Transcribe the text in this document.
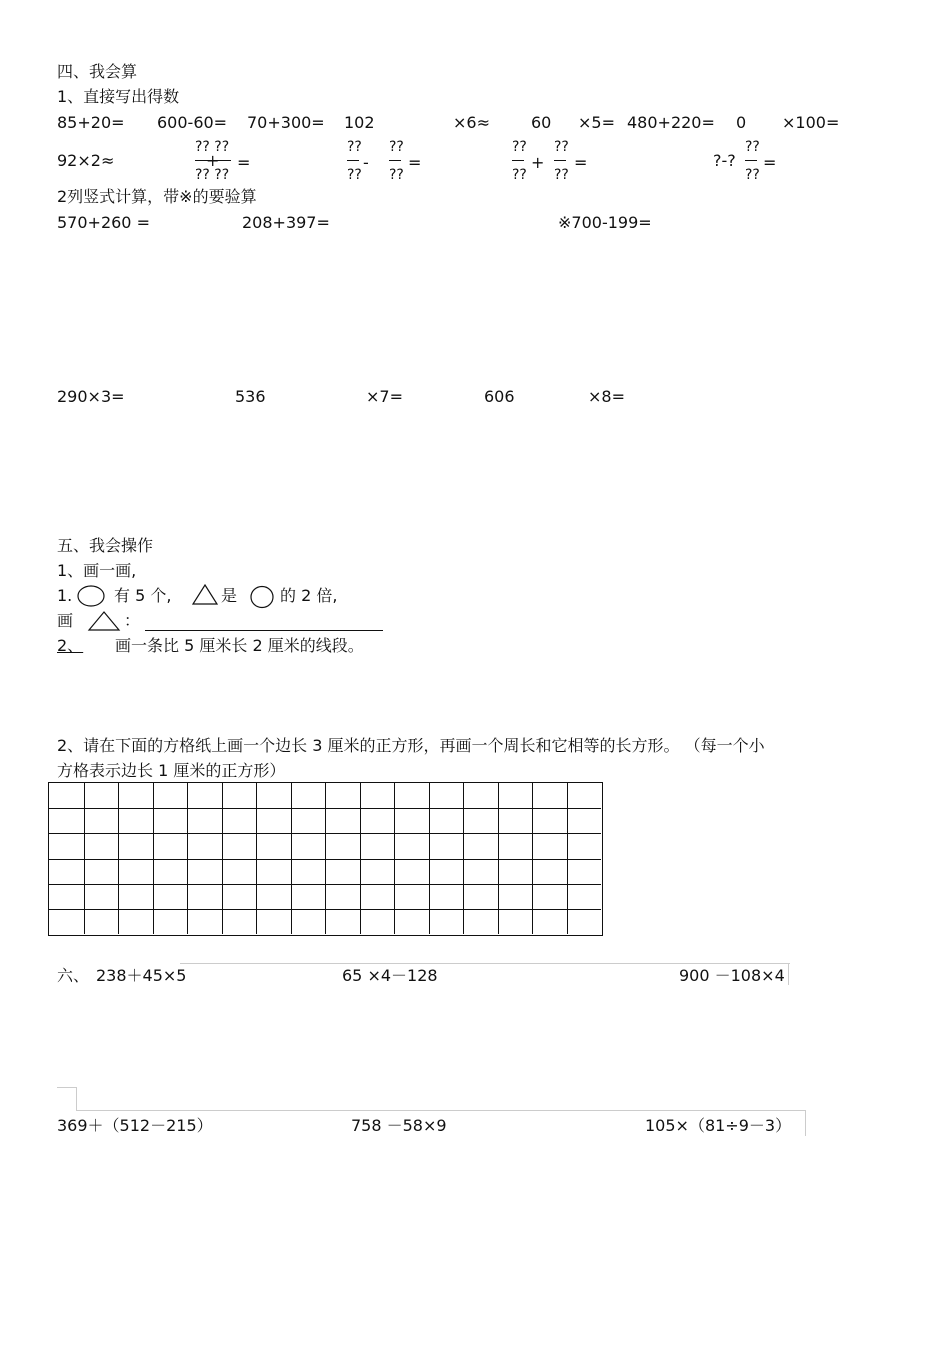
四、我会算
1、直接写出得数
85+20= 600-60= 70+300= 102	×6≈	60 ×5= 480+220= 0 ×100=
92×2≈
?? ??
?? ??
+ =
??
??
-
??
??
=
??
??
+
??
??
=	?-?
??
??
=
2列竖式计算，带※的要验算
570+260 =	208+397=	※700-199=
290×3=	536	×7=	606	×8=
五、我会操作
1、画一画,
1.	有 5 个,	是	的 2 倍,
画	：
2、 画一条比 5 厘米长 2 厘米的线段。
2、请在下面的方格纸上画一个边长 3 厘米的正方形，再画一个周长和它相等的长方形。 （每一个小
方格表示边长 1 厘米的正方形）
六、 238＋45×5	65 ×4－128	900 －108×4
369＋（512－215）	758 －58×9	105×（81÷9－3）
